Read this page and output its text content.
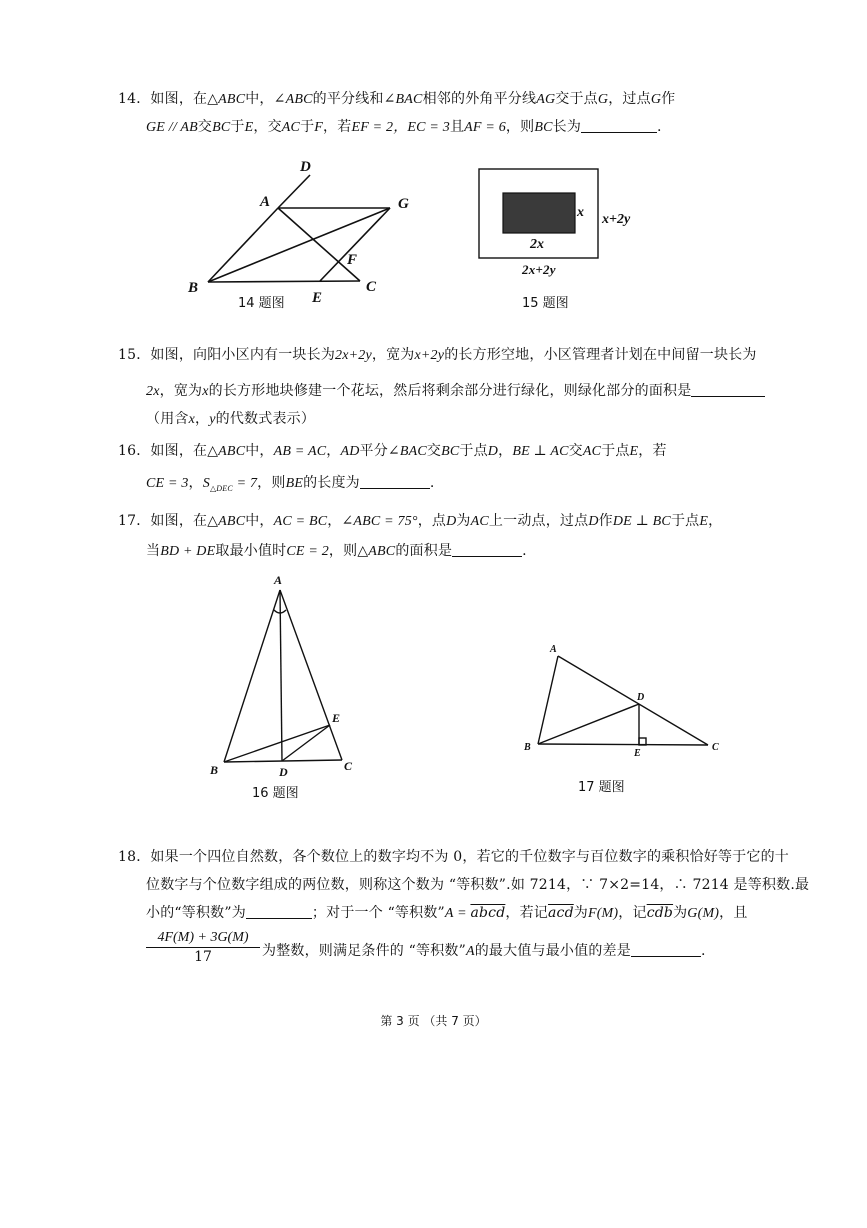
14．如图，在△ABC中，∠ABC的平分线和∠BAC相邻的外角平分线AG交于点G，过点G作
GE // AB交BC于E，交AC于F，若EF = 2，EC = 3且AF = 6，则BC长为	.
D
A	G
F
B
E
C
14 题图
x x+2y
2x
2x+2y
15 题图
15．如图，向阳小区内有一块长为2x+2y，宽为x+2y的长方形空地，小区管理者计划在中间留一块长为
2x，宽为x的长方形地块修建一个花坛，然后将剩余部分进行绿化，则绿化部分的面积是
（用含x，y的代数式表示）
16．如图，在△ABC中，AB = AC，AD平分∠BAC交BC于点D，BE ⊥ AC交AC于点E，若
CE = 3，$S_{\triangle DEC} = 7$，则BE的长度为	.
17．如图，在△ABC中，AC = BC，∠ABC = 75°，点D为AC上一动点，过点D作DE ⊥ BC于点E，
当BD + DE取最小值时CE = 2，则△ABC的面积是	.
A
E
B	D	C
16 题图
A
D
B
E
C
17 题图
18．如果一个四位自然数，各个数位上的数字均不为 0，若它的千位数字与百位数字的乘积恰好等于它的十
位数字与个位数字组成的两位数，则称这个数为 “等积数”.如 7214，∵ 7×2=14，∴ 7214 是等积数.最
小的“等积数”为	；对于一个 “等积数”A = abcd，若记$\overline{acd}$为F(M)，记$\overline{cdb}$为G(M)，且
$\frac{4F(M) + 3G(M)}{17}$ 为整数，则满足条件的 “等积数”A的最大值与最小值的差是	.
第 3 页 （共 7 页）
